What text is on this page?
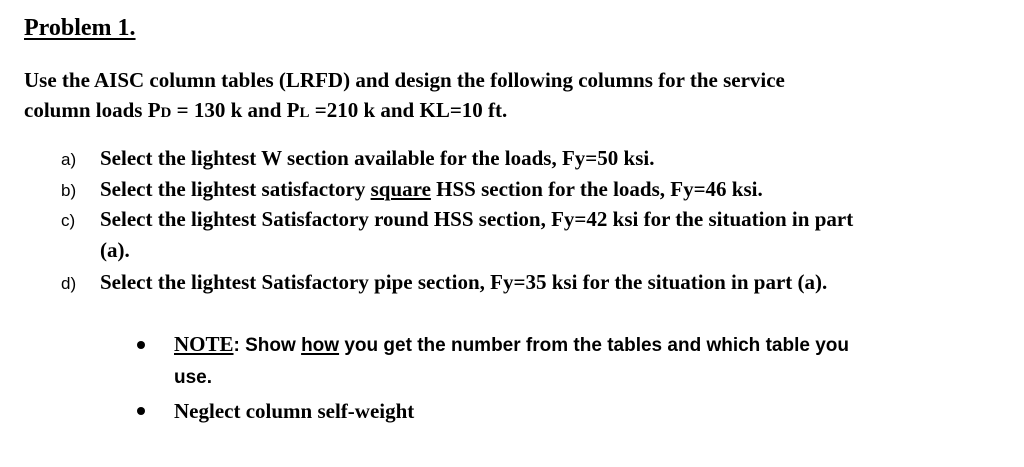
Problem 1.
Use the AISC column tables (LRFD) and design the following columns for the service
column loads PD = 130 k and PL =210 k and KL=10 ft.
a) Select the lightest W section available for the loads, Fy=50 ksi.
b) Select the lightest satisfactory square HSS section for the loads, Fy=46 ksi.
c) Select the lightest Satisfactory round HSS section, Fy=42 ksi for the situation in part
(a).
d) Select the lightest Satisfactory pipe section, Fy=35 ksi for the situation in part (a).
NOTE: Show how you get the number from the tables and which table you
use.
Neglect column self-weight
